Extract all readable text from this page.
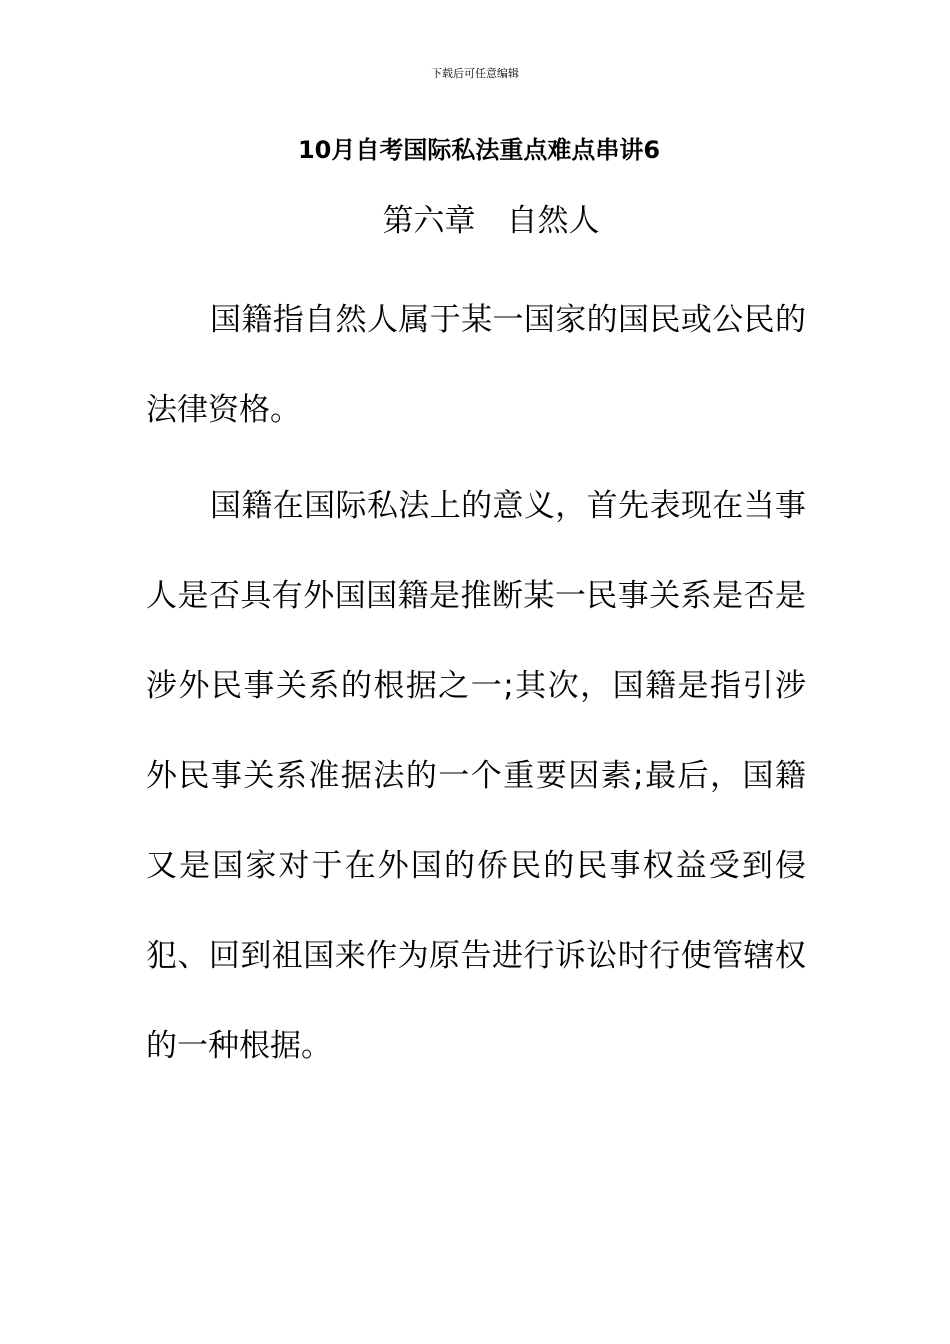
下载后可任意编辑
10月自考国际私法重点难点串讲6
第六章　自然人

国籍指自然人属于某一国家的国民或公民的法律资格。

国籍在国际私法上的意义，首先表现在当事人是否具有外国国籍是推断某一民事关系是否是涉外民事关系的根据之一;其次，国籍是指引涉外民事关系准据法的一个重要因素;最后，国籍又是国家对于在外国的侨民的民事权益受到侵犯、回到祖国来作为原告进行诉讼时行使管辖权的一种根据。
